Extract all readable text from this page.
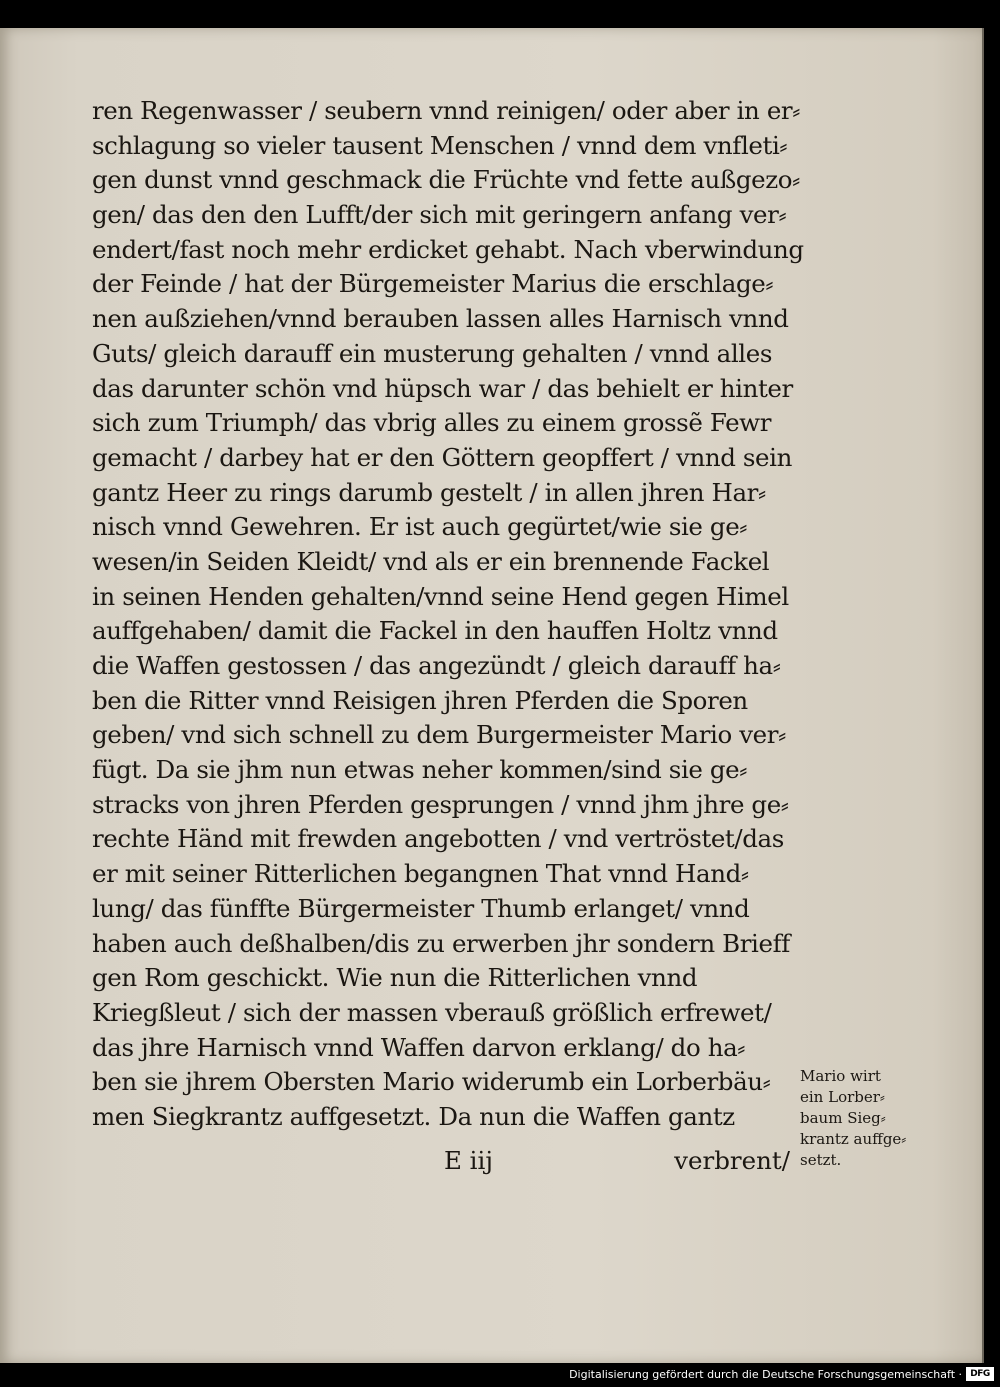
ren Regenwasser / seubern vnnd reinigen/ oder aber in er⸗
schlagung so vieler tausent Menschen / vnnd dem vnfleti⸗
gen dunst vnnd geschmack die Früchte vnd fette außgezo⸗
gen/ das den den Lufft/der sich mit geringern anfang ver⸗
endert/fast noch mehr erdicket gehabt. Nach vberwindung
der Feinde / hat der Bürgemeister Marius die erschlage⸗
nen außziehen/vnnd berauben lassen alles Harnisch vnnd
Guts/ gleich darauff ein musterung gehalten / vnnd alles
das darunter schön vnd hüpsch war / das behielt er hinter
sich zum Triumph/ das vbrig alles zu einem grossẽ Fewr
gemacht / darbey hat er den Göttern geopffert / vnnd sein
gantz Heer zu rings darumb gestelt / in allen jhren Har⸗
nisch vnnd Gewehren. Er ist auch gegürtet/wie sie ge⸗
wesen/in Seiden Kleidt/ vnd als er ein brennende Fackel
in seinen Henden gehalten/vnnd seine Hend gegen Himel
auffgehaben/ damit die Fackel in den hauffen Holtz vnnd
die Waffen gestossen / das angezündt / gleich darauff ha⸗
ben die Ritter vnnd Reisigen jhren Pferden die Sporen
geben/ vnd sich schnell zu dem Burgermeister Mario ver⸗
fügt. Da sie jhm nun etwas neher kommen/sind sie ge⸗
stracks von jhren Pferden gesprungen / vnnd jhm jhre ge⸗
rechte Händ mit frewden angebotten / vnd vertröstet/das
er mit seiner Ritterlichen begangnen That vnnd Hand⸗
lung/ das fünffte Bürgermeister Thumb erlanget/ vnnd
haben auch deßhalben/dis zu erwerben jhr sondern Brieff
gen Rom geschickt. Wie nun die Ritterlichen vnnd
Kriegßleut / sich der massen vberauß größlich erfrewet/
das jhre Harnisch vnnd Waffen darvon erklang/ do ha⸗
ben sie jhrem Obersten Mario widerumb ein Lorberbäu⸗
men Siegkrantz auffgesetzt. Da nun die Waffen gantz
E iij	verbrent/
Mario wirt
ein Lorber⸗
baum Sieg⸗
krantz auffge⸗
setzt.
Digitalisierung gefördert durch die Deutsche Forschungsgemeinschaft · DFG
